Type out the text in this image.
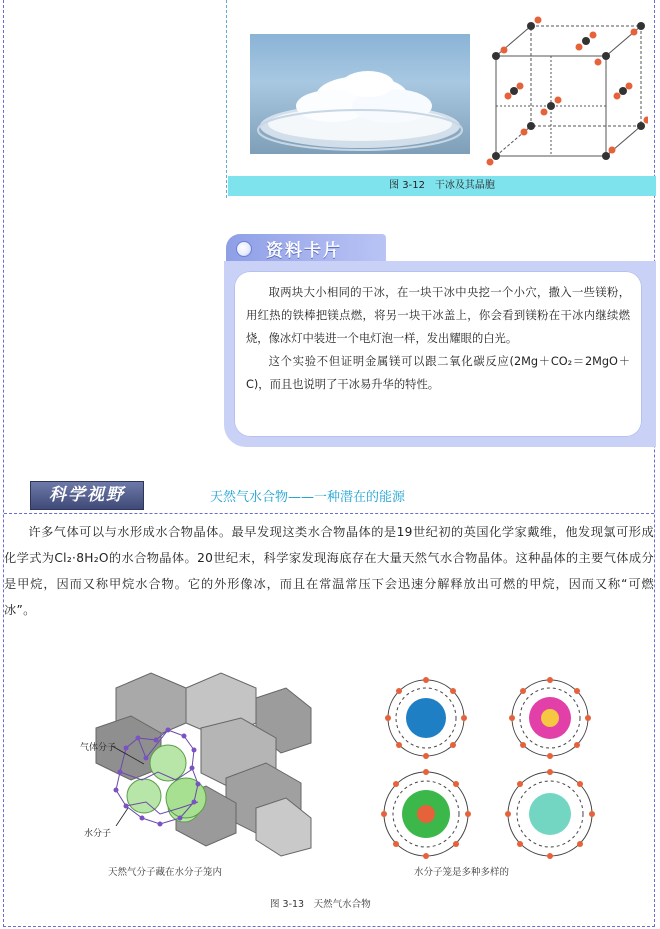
图 3-12　干冰及其晶胞
资料卡片

取两块大小相同的干冰，在一块干冰中央挖一个小穴，撒入一些镁粉，用红热的铁棒把镁点燃，将另一块干冰盖上，你会看到镁粉在干冰内继续燃烧，像冰灯中装进一个电灯泡一样，发出耀眼的白光。

这个实验不但证明金属镁可以跟二氧化碳反应(2Mg＋CO₂＝2MgO＋C)，而且也说明了干冰易升华的特性。

科学视野	天然气水合物——一种潜在的能源

许多气体可以与水形成水合物晶体。最早发现这类水合物晶体的是19世纪初的英国化学家戴维，他发现氯可形成化学式为Cl₂·8H₂O的水合物晶体。20世纪末，科学家发现海底存在大量天然气水合物晶体。这种晶体的主要气体成分是甲烷，因而又称甲烷水合物。它的外形像冰，而且在常温常压下会迅速分解释放出可燃的甲烷，因而又称“可燃冰”。

气体分子
水分子
天然气分子藏在水分子笼内	水分子笼是多种多样的
图 3-13　天然气水合物
